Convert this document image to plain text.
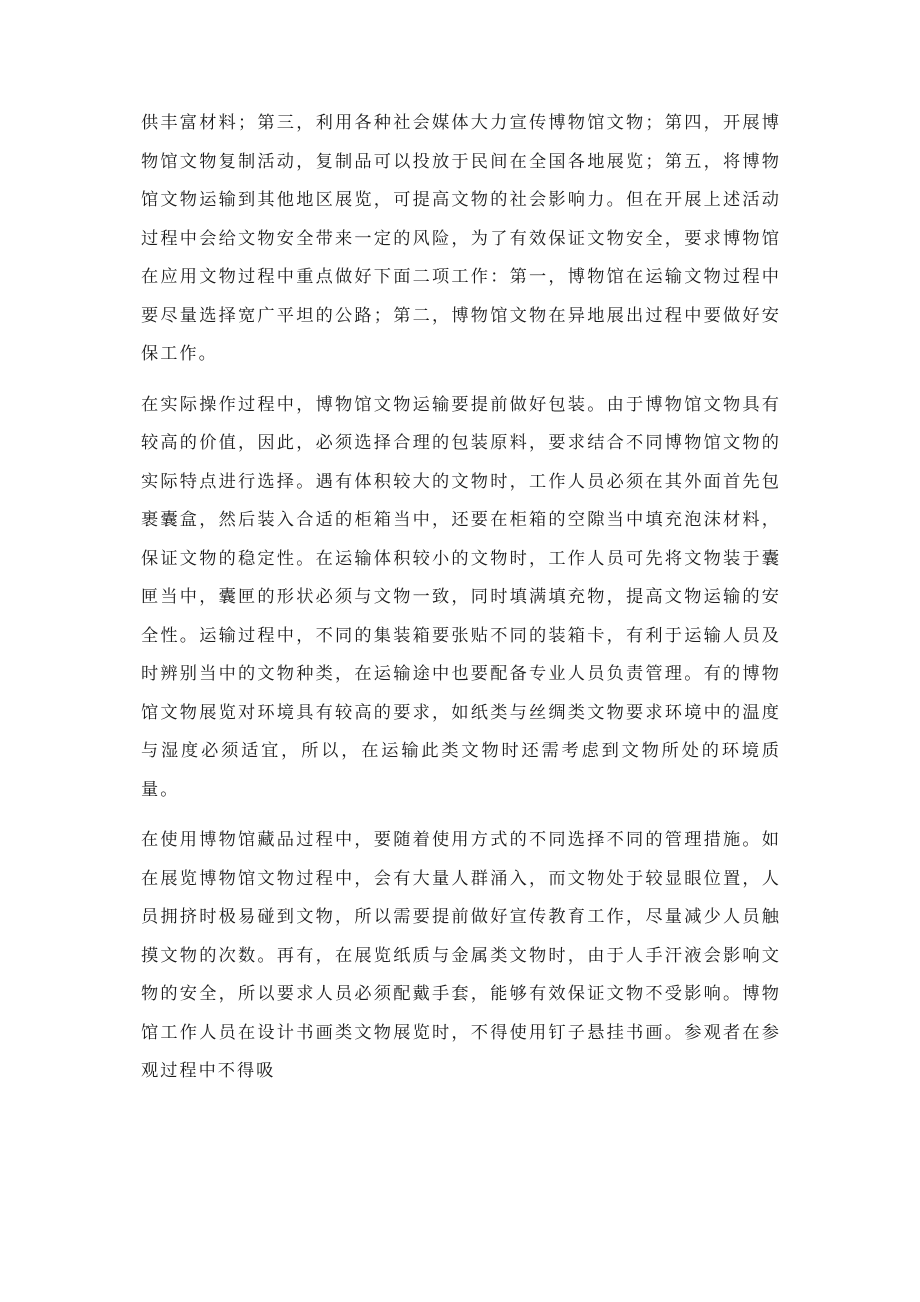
供丰富材料；第三，利用各种社会媒体大力宣传博物馆文物；第四，开展博物馆文物复制活动，复制品可以投放于民间在全国各地展览；第五，将博物馆文物运输到其他地区展览，可提高文物的社会影响力。但在开展上述活动过程中会给文物安全带来一定的风险，为了有效保证文物安全，要求博物馆在应用文物过程中重点做好下面二项工作：第一，博物馆在运输文物过程中要尽量选择宽广平坦的公路；第二，博物馆文物在异地展出过程中要做好安保工作。

在实际操作过程中，博物馆文物运输要提前做好包装。由于博物馆文物具有较高的价值，因此，必须选择合理的包装原料，要求结合不同博物馆文物的实际特点进行选择。遇有体积较大的文物时，工作人员必须在其外面首先包裹囊盒，然后装入合适的柜箱当中，还要在柜箱的空隙当中填充泡沫材料，保证文物的稳定性。在运输体积较小的文物时，工作人员可先将文物装于囊匣当中，囊匣的形状必须与文物一致，同时填满填充物，提高文物运输的安全性。运输过程中，不同的集装箱要张贴不同的装箱卡，有利于运输人员及时辨别当中的文物种类，在运输途中也要配备专业人员负责管理。有的博物馆文物展览对环境具有较高的要求，如纸类与丝绸类文物要求环境中的温度与湿度必须适宜，所以，在运输此类文物时还需考虑到文物所处的环境质量。

在使用博物馆藏品过程中，要随着使用方式的不同选择不同的管理措施。如在展览博物馆文物过程中，会有大量人群涌入，而文物处于较显眼位置，人员拥挤时极易碰到文物，所以需要提前做好宣传教育工作，尽量减少人员触摸文物的次数。再有，在展览纸质与金属类文物时，由于人手汗液会影响文物的安全，所以要求人员必须配戴手套，能够有效保证文物不受影响。博物馆工作人员在设计书画类文物展览时，不得使用钉子悬挂书画。参观者在参观过程中不得吸
